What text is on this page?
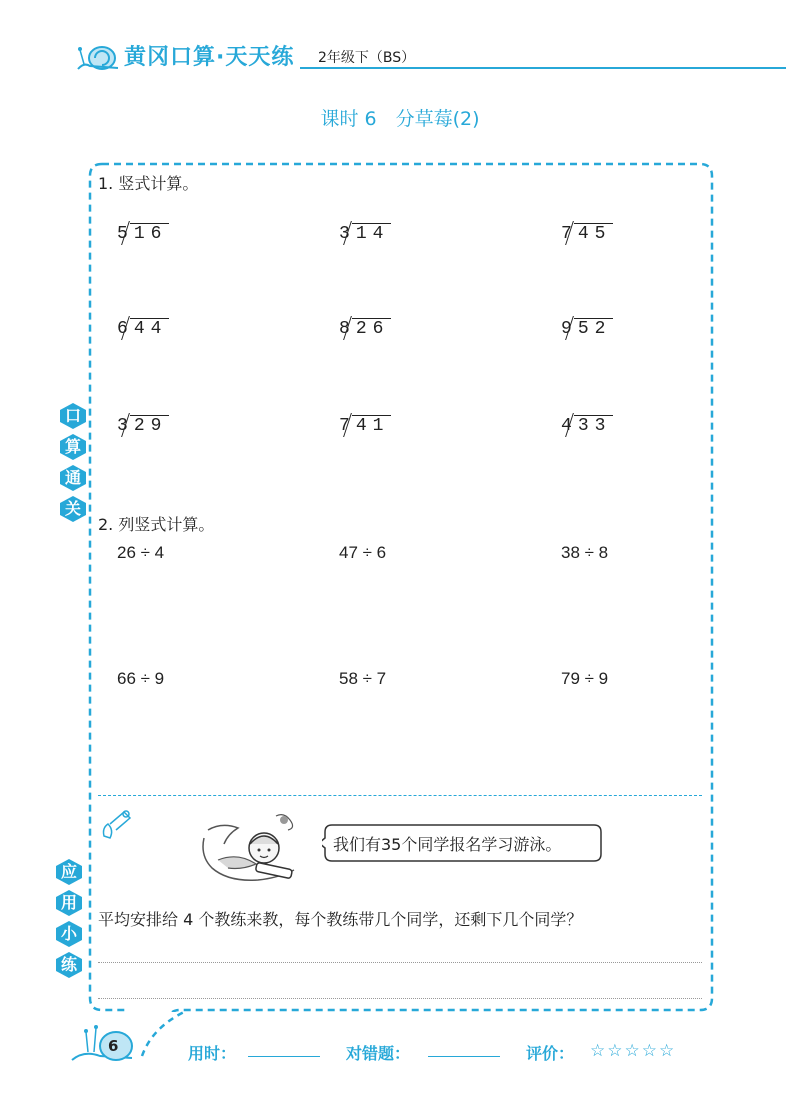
黄冈口算·天天练 2年级下（BS）
课时 6　分草莓(2)
1. 竖式计算。
5 16	3 14	7 45
6 44	8 26	9 52
3 29	7 41	4 33
口
算
通
关
2. 列竖式计算。
26 ÷ 4	47 ÷ 6	38 ÷ 8
66 ÷ 9	58 ÷ 7	79 ÷ 9
我们有35个同学报名学习游泳。
应
用
小
练
平均安排给 4 个教练来教，每个教练带几个同学，还剩下几个同学？
6	用时：	对错题：	评价： ☆☆☆☆☆
